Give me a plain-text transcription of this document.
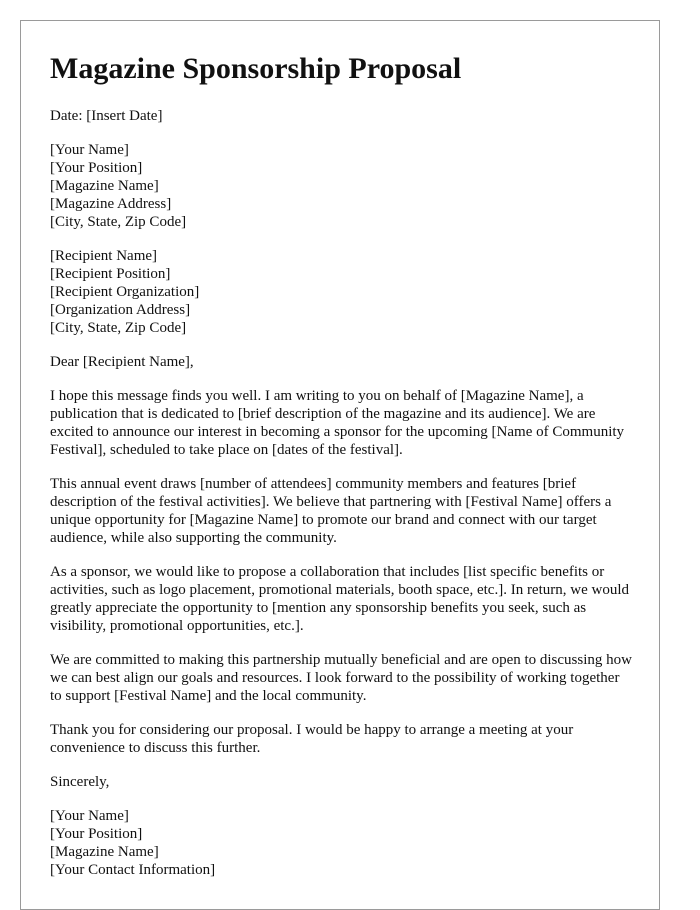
Magazine Sponsorship Proposal
Date: [Insert Date]
[Your Name]
[Your Position]
[Magazine Name]
[Magazine Address]
[City, State, Zip Code]
[Recipient Name]
[Recipient Position]
[Recipient Organization]
[Organization Address]
[City, State, Zip Code]
Dear [Recipient Name],

I hope this message finds you well. I am writing to you on behalf of [Magazine Name], a publication that is dedicated to [brief description of the magazine and its audience]. We are excited to announce our interest in becoming a sponsor for the upcoming [Name of Community Festival], scheduled to take place on [dates of the festival].

This annual event draws [number of attendees] community members and features [brief description of the festival activities]. We believe that partnering with [Festival Name] offers a unique opportunity for [Magazine Name] to promote our brand and connect with our target audience, while also supporting the community.

As a sponsor, we would like to propose a collaboration that includes [list specific benefits or activities, such as logo placement, promotional materials, booth space, etc.]. In return, we would greatly appreciate the opportunity to [mention any sponsorship benefits you seek, such as visibility, promotional opportunities, etc.].

We are committed to making this partnership mutually beneficial and are open to discussing how we can best align our goals and resources. I look forward to the possibility of working together to support [Festival Name] and the local community.

Thank you for considering our proposal. I would be happy to arrange a meeting at your convenience to discuss this further.

Sincerely,
[Your Name]
[Your Position]
[Magazine Name]
[Your Contact Information]
